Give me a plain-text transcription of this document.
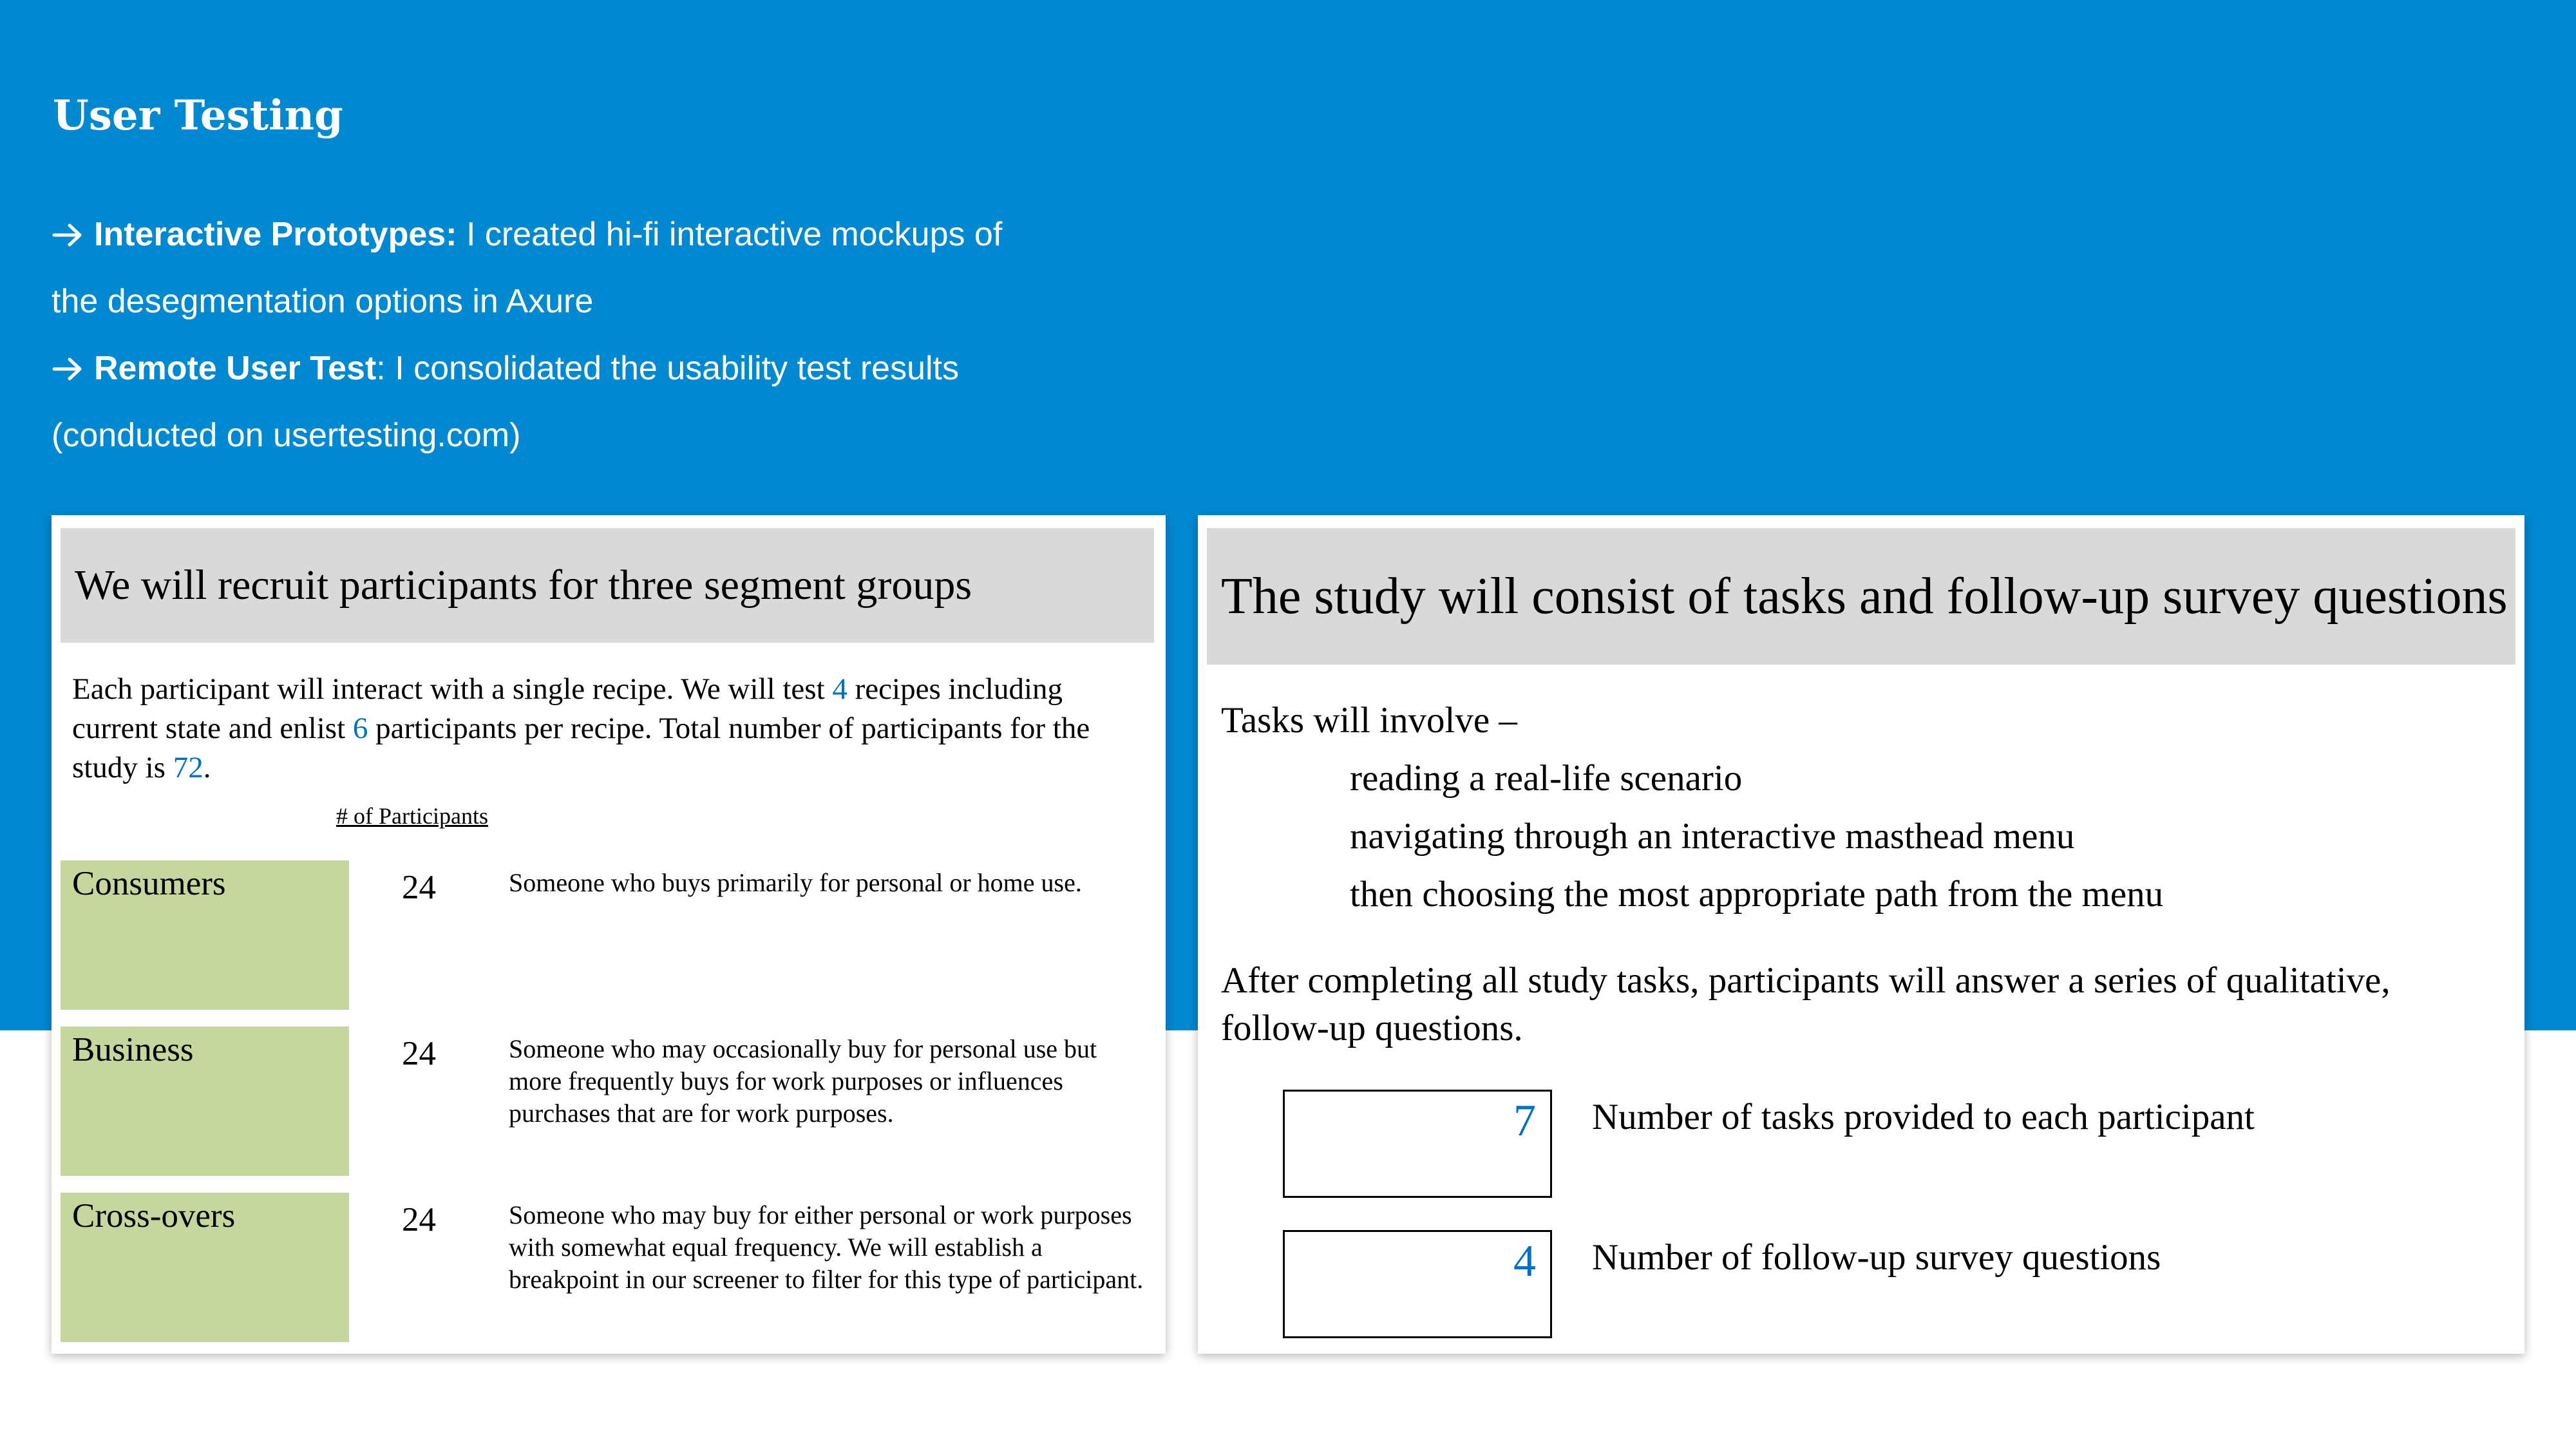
User Testing
Interactive Prototypes: I created hi-fi interactive mockups of
the desegmentation options in Axure
Remote User Test: I consolidated the usability test results
(conducted on usertesting.com)
We will recruit participants for three segment groups
Each participant will interact with a single recipe. We will test 4 recipes including current state and enlist 6 participants per recipe. Total number of participants for the study is 72.
# of Participants
Consumers	24	Someone who buys primarily for personal or home use.
Business	24	Someone who may occasionally buy for personal use but more frequently buys for work purposes or influences purchases that are for work purposes.
Cross-overs	24	Someone who may buy for either personal or work purposes with somewhat equal frequency. We will establish a breakpoint in our screener to filter for this type of participant.
The study will consist of tasks and follow-up survey questions
Tasks will involve –
reading a real-life scenario
navigating through an interactive masthead menu
then choosing the most appropriate path from the menu
After completing all study tasks, participants will answer a series of qualitative, follow-up questions.
7 Number of tasks provided to each participant
4 Number of follow-up survey questions
